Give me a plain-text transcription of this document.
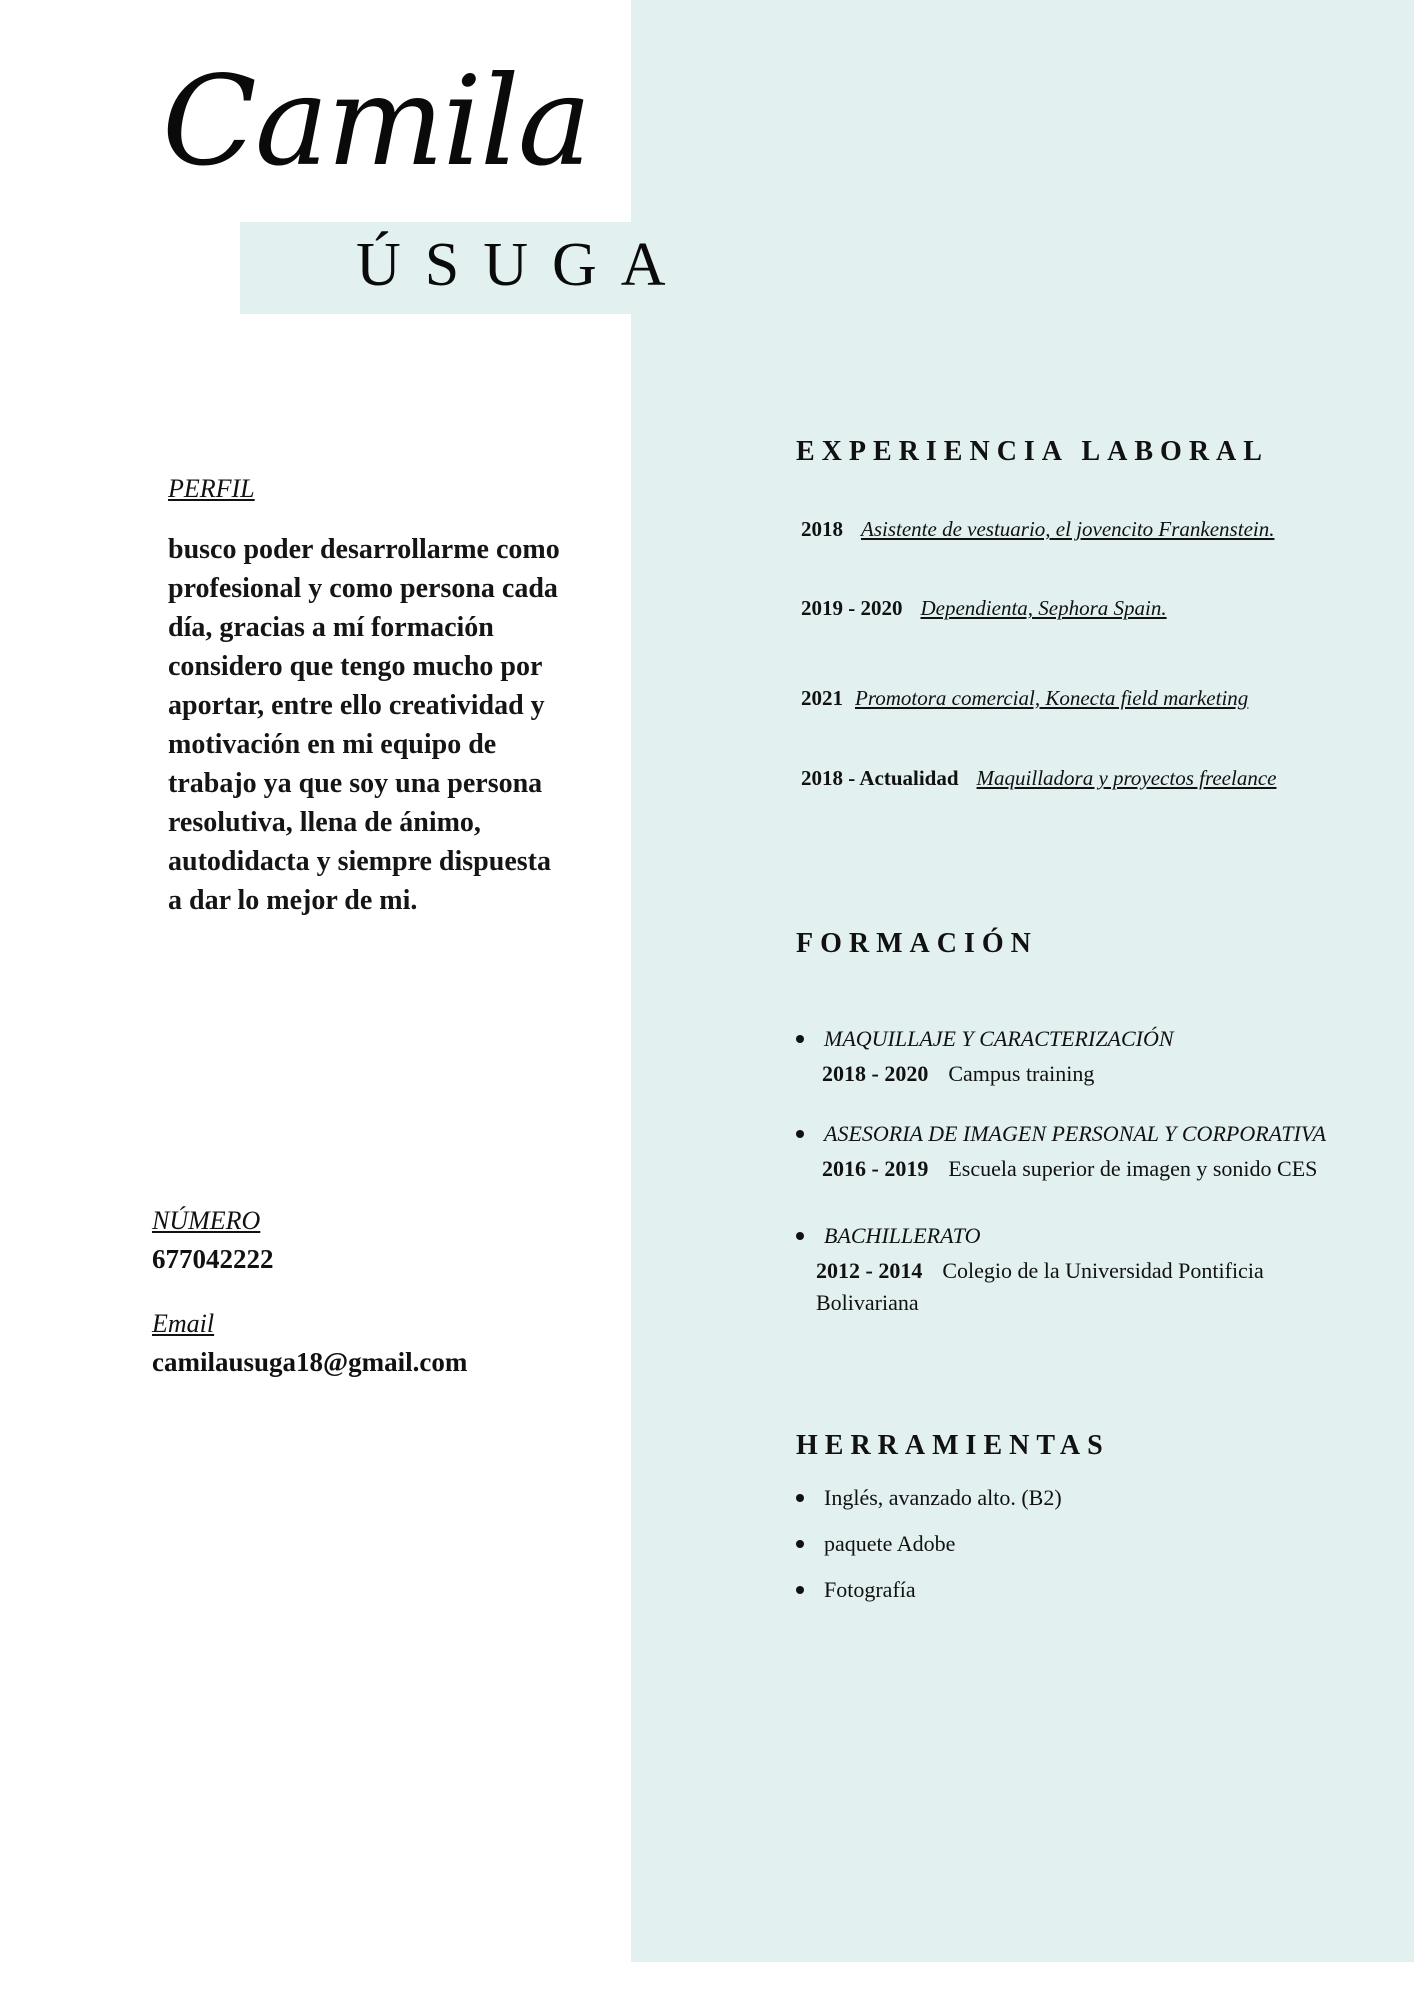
Camila
ÚSUGA
PERFIL
busco poder desarrollarme como profesional y como persona cada día, gracias a mí formación considero que tengo mucho por aportar, entre ello creatividad y motivación en mi equipo de trabajo ya que soy una persona resolutiva, llena de ánimo, autodidacta y siempre dispuesta a dar lo mejor de mi.
NÚMERO
677042222
Email
camilausuga18@gmail.com
EXPERIENCIA LABORAL
2018 Asistente de vestuario, el jovencito Frankenstein.
2019 - 2020 Dependienta, Sephora Spain.
2021 Promotora comercial, Konecta field marketing
2018 - Actualidad Maquilladora y proyectos freelance
FORMACIÓN
MAQUILLAJE Y CARACTERIZACIÓN
2018 - 2020 Campus training
ASESORIA DE IMAGEN PERSONAL Y CORPORATIVA
2016 - 2019 Escuela superior de imagen y sonido CES
BACHILLERATO
2012 - 2014 Colegio de la Universidad Pontificia Bolivariana
HERRAMIENTAS
Inglés, avanzado alto. (B2)
paquete Adobe
Fotografía
